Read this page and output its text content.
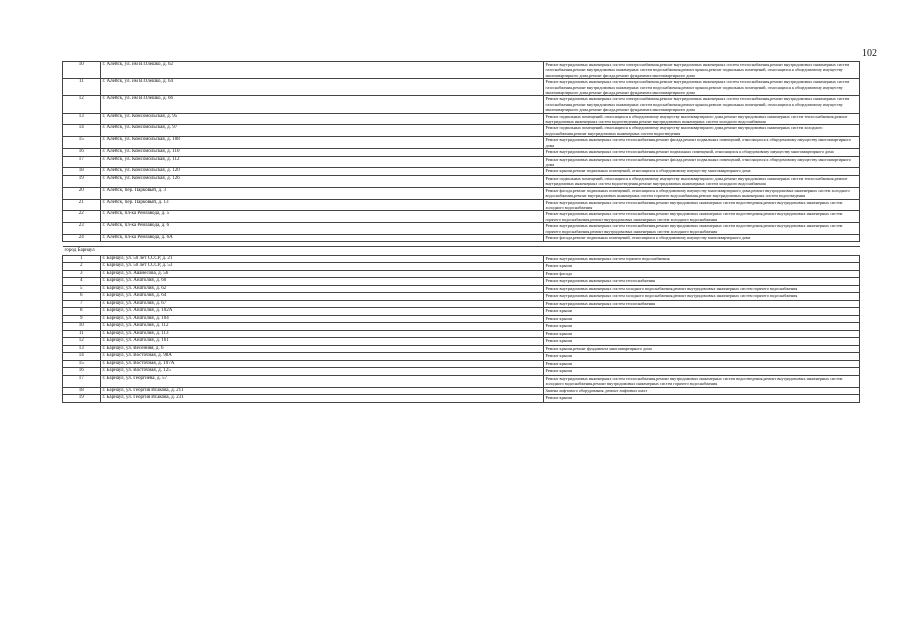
102
10	г. Алейск, ул. им В.Олешко, д. 62	Ремонт внутридомовых инженерных систем электроснабжения,ремонт внутридомовых инженерных систем теплоснабжения,ремонт внутридомовых инженерных систем газоснабжения,ремонт внутридомовых инженерных систем водоснабжения,ремонт крыши,ремонт подвальных помещений, относящихся к общедомовому имуществу многоквартирного дома,ремонт фасада,ремонт фундамента многоквартирного дома
11	г. Алейск, ул. им В.Олешко, д. 64	Ремонт внутридомовых инженерных систем электроснабжения,ремонт внутридомовых инженерных систем теплоснабжения,ремонт внутридомовых инженерных систем газоснабжения,ремонт внутридомовых инженерных систем водоснабжения,ремонт крыши,ремонт подвальных помещений, относящихся к общедомовому имуществу многоквартирного дома,ремонт фасада,ремонт фундамента многоквартирного дома
12	г. Алейск, ул. им В.Олешко, д. 66	Ремонт внутридомовых инженерных систем электроснабжения,ремонт внутридомовых инженерных систем теплоснабжения,ремонт внутридомовых инженерных систем газоснабжения,ремонт внутридомовых инженерных систем водоснабжения,ремонт крыши,ремонт подвальных помещений, относящихся к общедомовому имуществу многоквартирного дома,ремонт фасада,ремонт фундамента многоквартирного дома
13	г. Алейск, ул. Комсомольская, д. 95	Ремонт подвальных помещений, относящихся к общедомовому имуществу многоквартирного дома,ремонт внутридомовых инженерных систем теплоснабжения,ремонт внутридомовых инженерных систем водоотведения,ремонт внутридомовых инженерных систем холодного водоснабжения
14	г. Алейск, ул. Комсомольская, д. 97	Ремонт подвальных помещений, относящихся к общедомовому имуществу многоквартирного дома,ремонт внутридомовых инженерных систем холодного водоснабжения,ремонт внутридомовых инженерных систем водоотведения
15	г. Алейск, ул. Комсомольская, д. 108	Ремонт внутридомовых инженерных систем теплоснабжения,ремонт фасада,ремонт подвальных помещений, относящихся к общедомовому имуществу многоквартирного дома
16	г. Алейск, ул. Комсомольская, д. 110	Ремонт внутридомовых инженерных систем теплоснабжения,ремонт подвальных помещений, относящихся к общедомовому имуществу многоквартирного дома
17	г. Алейск, ул. Комсомольская, д. 112	Ремонт внутридомовых инженерных систем теплоснабжения,ремонт фасада,ремонт подвальных помещений, относящихся к общедомовому имуществу многоквартирного дома
18	г. Алейск, ул. Комсомольская, д. 120	Ремонт крыши,ремонт подвальных помещений, относящихся к общедомовому имуществу многоквартирного дома
19	г. Алейск, ул. Комсомольская, д. 126	Ремонт подвальных помещений, относящихся к общедомовому имуществу многоквартирного дома,ремонт внутридомовых инженерных систем теплоснабжения,ремонт внутридомовых инженерных систем водоотведения,ремонт внутридомовых инженерных систем холодного водоснабжения
20	г. Алейск, пер. Парковый, д. 3	Ремонт фасада,ремонт подвальных помещений, относящихся к общедомовому имуществу многоквартирного дома,ремонт внутридомовых инженерных систем холодного водоснабжения,ремонт внутридомовых инженерных систем горячего водоснабжения,ремонт внутридомовых инженерных систем водоотведения
21	г. Алейск, пер. Парковый, д. 13	Ремонт внутридомовых инженерных систем теплоснабжения,ремонт внутридомовых инженерных систем водоотведения,ремонт внутридомовых инженерных систем холодного водоснабжения
22	г. Алейск, пл-кa Ремзавода, д. 5	Ремонт внутридомовых инженерных систем теплоснабжения,ремонт внутридомовых инженерных систем водоотведения,ремонт внутридомовых инженерных систем горячего водоснабжения,ремонт внутридомовых инженерных систем холодного водоснабжения
23	г. Алейск, пл-кa Ремзавода, д. 6	Ремонт внутридомовых инженерных систем теплоснабжения,ремонт внутридомовых инженерных систем водоотведения,ремонт внутридомовых инженерных систем горячего водоснабжения,ремонт внутридомовых инженерных систем холодного водоснабжения
24	г. Алейск, пл-кa Ремзавода, д. 6А	Ремонт фасада,ремонт подвальных помещений, относящихся к общедомовому имуществу многоквартирного дома

город Барнаул		
1	г. Барнаул, ул. 50 лет СССР, д. 21	Ремонт внутридомовых инженерных систем горячего водоснабжения
2	г. Барнаул, ул. 50 лет СССР, д. 53	Ремонт крыши
3	г. Барнаул, ул. Аванесова, д. 56	Ремонт фасада
4	г. Барнаул, ул. Анатолия, д. 60	Ремонт внутридомовых инженерных систем теплоснабжения
5	г. Барнаул, ул. Анатолия, д. 62	Ремонт внутридомовых инженерных систем холодного водоснабжения,ремонт внутридомовых инженерных систем горячего водоснабжения
6	г. Барнаул, ул. Анатолия, д. 64	Ремонт внутридомовых инженерных систем холодного водоснабжения,ремонт внутридомовых инженерных систем горячего водоснабжения
7	г. Барнаул, ул. Анатолия, д. 67	Ремонт внутридомовых инженерных систем теплоснабжения
8	г. Барнаул, ул. Анатолия, д. 102А	Ремонт крыши
9	г. Барнаул, ул. Анатолия, д. 104	Ремонт крыши
10	г. Барнаул, ул. Анатолия, д. 112	Ремонт крыши
11	г. Барнаул, ул. Анатолия, д. 113	Ремонт крыши
12	г. Барнаул, ул. Анатолия, д. 161	Ремонт крыши
13	г. Барнаул, ул. Весенняя, д. 6	Ремонт крыши,ремонт фундамента многоквартирного дома
14	г. Барнаул, ул. Восточная, д. 98А	Ремонт крыши
15	г. Барнаул, ул. Восточная, д. 107А	Ремонт крыши
16	г. Барнаул, ул. Восточная, д. 125	Ремонт крыши
17	г. Барнаул, ул. Георгиева, д. 57	Ремонт внутридомовых инженерных систем теплоснабжения,ремонт внутридомовых инженерных систем водоотведения,ремонт внутридомовых инженерных систем холодного водоснабжения,ремонт внутридомовых инженерных систем горячего водоснабжения
18	г. Барнаул, ул. Георгия Исакова, д. 211	Замена лифтового оборудования, ремонт лифтовых шахт
19	г. Барнаул, ул. Георгия Исакова, д. 231	Ремонт крыши
